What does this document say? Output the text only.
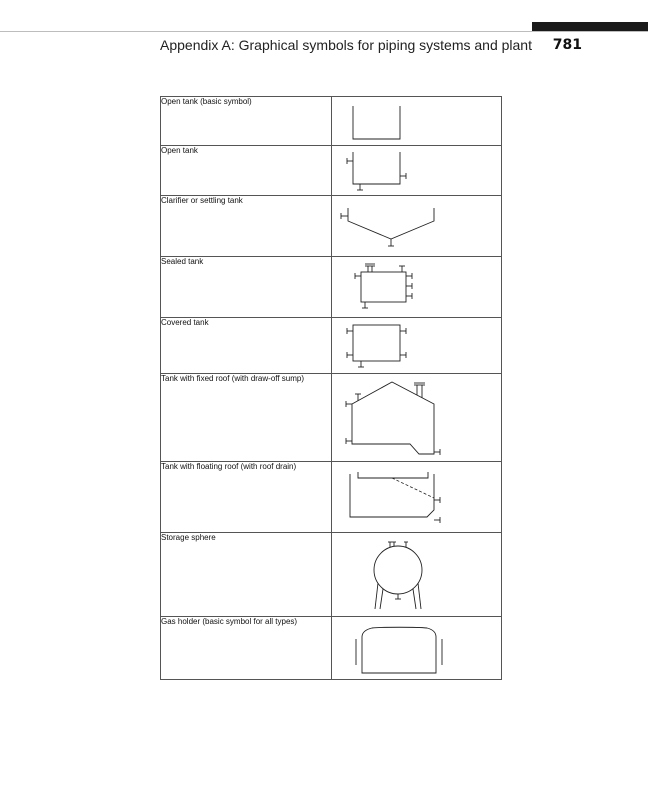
Appendix A: Graphical symbols for piping systems and plant 781
Open tank (basic symbol)	

Open tank	

Clarifier or settling tank	

Sealed tank	

Covered tank	

Tank with fixed roof (with draw-off sump)	

Tank with floating roof (with roof drain)	

Storage sphere	

Gas holder (basic symbol for all types)	
